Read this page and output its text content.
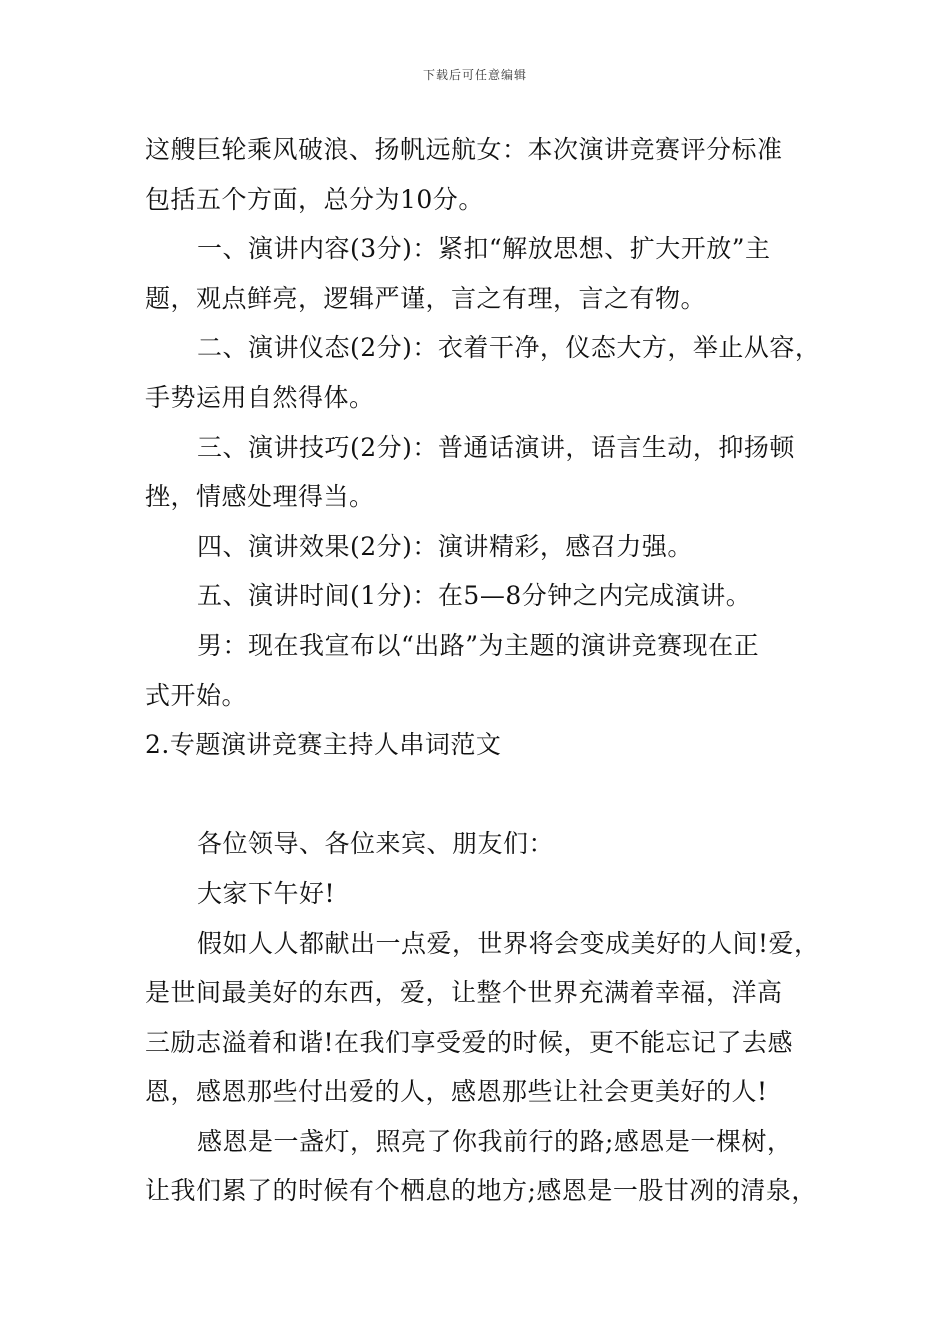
下载后可任意编辑
这艘巨轮乘风破浪、扬帆远航女：本次演讲竞赛评分标准
包括五个方面，总分为10分。
一、演讲内容(3分)：紧扣“解放思想、扩大开放”主
题，观点鲜亮，逻辑严谨，言之有理，言之有物。
二、演讲仪态(2分)：衣着干净，仪态大方，举止从容，
手势运用自然得体。
三、演讲技巧(2分)：普通话演讲，语言生动，抑扬顿
挫，情感处理得当。
四、演讲效果(2分)：演讲精彩，感召力强。
五、演讲时间(1分)：在5—8分钟之内完成演讲。
男：现在我宣布以“出路”为主题的演讲竞赛现在正
式开始。
2.专题演讲竞赛主持人串词范文
各位领导、各位来宾、朋友们：
大家下午好!
假如人人都献出一点爱，世界将会变成美好的人间!爱，
是世间最美好的东西，爱，让整个世界充满着幸福，洋高
三励志溢着和谐!在我们享受爱的时候，更不能忘记了去感
恩，感恩那些付出爱的人，感恩那些让社会更美好的人!
感恩是一盏灯，照亮了你我前行的路;感恩是一棵树，
让我们累了的时候有个栖息的地方;感恩是一股甘冽的清泉，
